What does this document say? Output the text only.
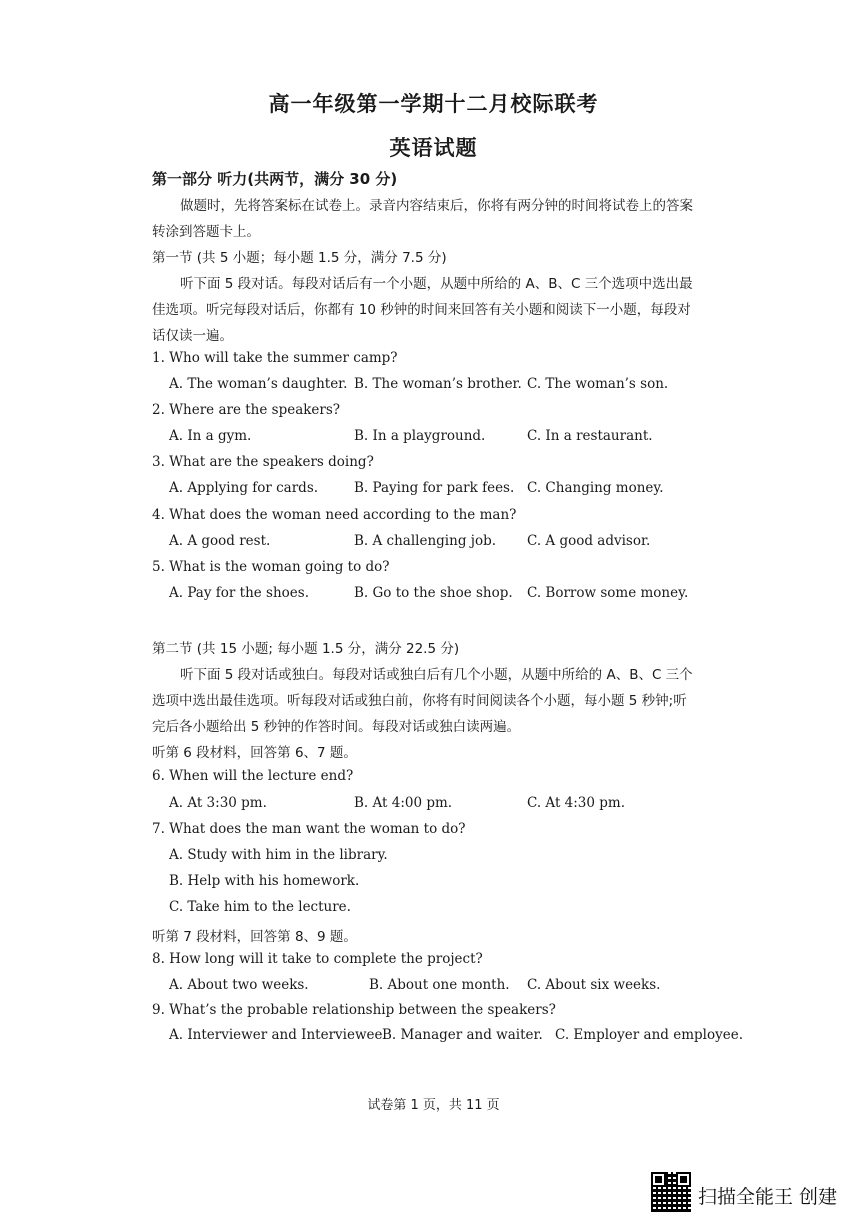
高一年级第一学期十二月校际联考
英语试题
第一部分 听力(共两节，满分 30 分)
做题时，先将答案标在试卷上。录音内容结束后，你将有两分钟的时间将试卷上的答案
转涂到答题卡上。
第一节 (共 5 小题；每小题 1.5 分，满分 7.5 分)
听下面 5 段对话。每段对话后有一个小题，从题中所给的 A、B、C 三个选项中选出最
佳选项。听完每段对话后，你都有 10 秒钟的时间来回答有关小题和阅读下一小题，每段对
话仅读一遍。
1. Who will take the summer camp?
A. The woman’s daughter. B. The woman’s brother. C. The woman’s son.
2. Where are the speakers?
A. In a gym.	B. In a playground.	C. In a restaurant.
3. What are the speakers doing?
A. Applying for cards.	B. Paying for park fees. C. Changing money.
4. What does the woman need according to the man?
A. A good rest.	B. A challenging job. C. A good advisor.
5. What is the woman going to do?
A. Pay for the shoes.	B. Go to the shoe shop. C. Borrow some money.
第二节 (共 15 小题; 每小题 1.5 分，满分 22.5 分)
听下面 5 段对话或独白。每段对话或独白后有几个小题，从题中所给的 A、B、C 三个
选项中选出最佳选项。听每段对话或独白前，你将有时间阅读各个小题，每小题 5 秒钟;听
完后各小题给出 5 秒钟的作答时间。每段对话或独白读两遍。
听第 6 段材料，回答第 6、7 题。
6. When will the lecture end?
A. At 3:30 pm.	B. At 4:00 pm.	C. At 4:30 pm.
7. What does the man want the woman to do?
A. Study with him in the library.
B. Help with his homework.
C. Take him to the lecture.
听第 7 段材料，回答第 8、9 题。
8. How long will it take to complete the project?
A. About two weeks.	B. About one month. C. About six weeks.
9. What’s the probable relationship between the speakers?
A. Interviewer and Interviewee.
B. Manager and waiter. C. Employer and employee.
试卷第 1 页，共 11 页
扫描全能王 创建
